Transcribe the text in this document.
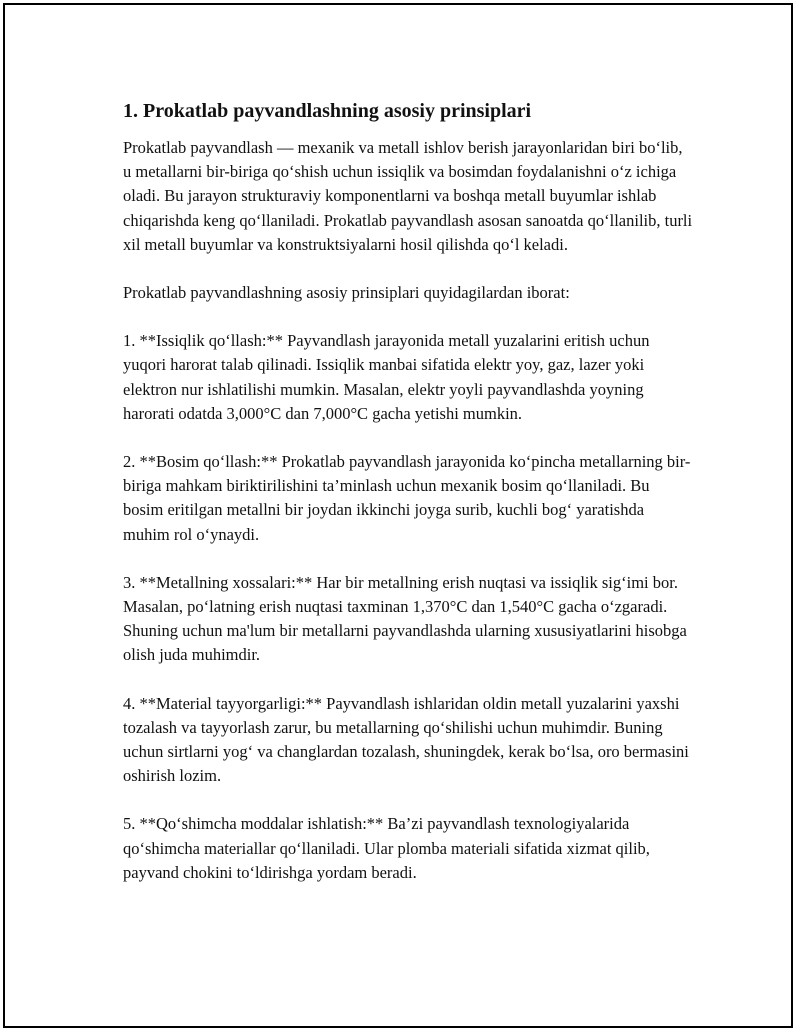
1. Prokatlab payvandlashning asosiy prinsiplari

Prokatlab payvandlash — mexanik va metall ishlov berish jarayonlaridan biri bo‘lib, u metallarni bir-biriga qo‘shish uchun issiqlik va bosimdan foydalanishni o‘z ichiga oladi. Bu jarayon strukturaviy komponentlarni va boshqa metall buyumlar ishlab chiqarishda keng qo‘llaniladi. Prokatlab payvandlash asosan sanoatda qo‘llanilib, turli xil metall buyumlar va konstruktsiyalarni hosil qilishda qo‘l keladi.

Prokatlab payvandlashning asosiy prinsiplari quyidagilardan iborat:

1. **Issiqlik qo‘llash:** Payvandlash jarayonida metall yuzalarini eritish uchun yuqori harorat talab qilinadi. Issiqlik manbai sifatida elektr yoy, gaz, lazer yoki elektron nur ishlatilishi mumkin. Masalan, elektr yoyli payvandlashda yoyning harorati odatda 3,000°C dan 7,000°C gacha yetishi mumkin.

2. **Bosim qo‘llash:** Prokatlab payvandlash jarayonida ko‘pincha metallarning bir-biriga mahkam biriktirilishini ta’minlash uchun mexanik bosim qo‘llaniladi. Bu bosim eritilgan metallni bir joydan ikkinchi joyga surib, kuchli bog‘ yaratishda muhim rol o‘ynaydi.

3. **Metallning xossalari:** Har bir metallning erish nuqtasi va issiqlik sig‘imi bor. Masalan, po‘latning erish nuqtasi taxminan 1,370°C dan 1,540°C gacha o‘zgaradi. Shuning uchun ma'lum bir metallarni payvandlashda ularning xususiyatlarini hisobga olish juda muhimdir.

4. **Material tayyorgarligi:** Payvandlash ishlaridan oldin metall yuzalarini yaxshi tozalash va tayyorlash zarur, bu metallarning qo‘shilishi uchun muhimdir. Buning uchun sirtlarni yog‘ va changlardan tozalash, shuningdek, kerak bo‘lsa, oro bermasini oshirish lozim.

5. **Qo‘shimcha moddalar ishlatish:** Ba’zi payvandlash texnologiyalarida qo‘shimcha materiallar qo‘llaniladi. Ular plomba materiali sifatida xizmat qilib, payvand chokini to‘ldirishga yordam beradi.
